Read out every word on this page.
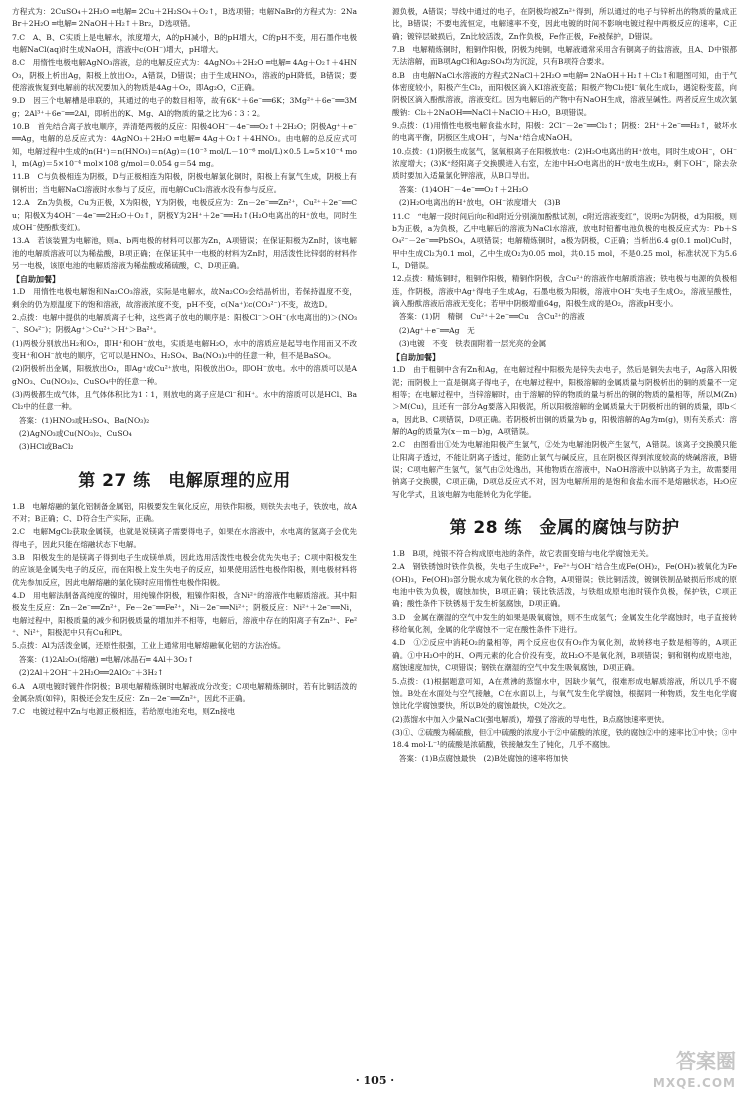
方程式为：2CuSO₄＋2H₂O ═电解═ 2Cu＋2H₂SO₄＋O₂↑，B选项错；电解NaBr的方程式为：2NaBr＋2H₂O ═电解═ 2NaOH＋H₂↑＋Br₂，D选项错。

7.C　A、B、C实质上是电解水，浓度增大，A的pH减小，B的pH增大，C的pH不变，用石墨作电极电解NaCl(aq)时生成NaOH，溶液中c(OH⁻)增大，pH增大。

8.C　用惰性电极电解AgNO₃溶液，总的电解反应式为：4AgNO₃＋2H₂O ═电解═ 4Ag＋O₂↑＋4HNO₃，阴极上析出Ag，阳极上放出O₂，A错误，D错误；由于生成HNO₃，溶液的pH降低，B错误；要使溶液恢复到电解前的状况要加入的物质是4Ag＋O₂，即Ag₂O，C正确。

9.D　因三个电解槽是串联的，其通过的电子的数目相等，故有6K⁺＋6e⁻══6K；3Mg²⁺＋6e⁻══3Mg；2Al³⁺＋6e⁻══2Al，即析出的K、Mg、Al的物质的量之比为6∶3∶2。

10.B　首先结合离子放电顺序，弄清楚两极的反应：阳极4OH⁻－4e⁻══O₂↑＋2H₂O；阴极Ag⁺＋e⁻══Ag，电解的总反应式为：4AgNO₃＋2H₂O ═电解═ 4Ag＋O₂↑＋4HNO₃。由电解的总反应式可知，电解过程中生成的n(H⁺)＝n(HNO₃)＝n(Ag)＝(10⁻³ mol/L－10⁻⁶ mol/L)×0.5 L≈5×10⁻⁴ mol，m(Ag)＝5×10⁻⁴ mol×108 g/mol＝0.054 g＝54 mg。

11.B　C与负极相连为阴极，D与正极相连为阳极，阴极电解氯化铜时，阳极上有氯气生成，阴极上有铜析出；当电解NaCl溶液时水参与了反应，而电解CuCl₂溶液水没有参与反应。

12.A　Zn为负极，Cu为正极，X为阳极，Y为阴极，电极反应为：Zn－2e⁻══Zn²⁺，Cu²⁺＋2e⁻══Cu；阳极X为4OH⁻－4e⁻══2H₂O＋O₂↑，阴极Y为2H⁺＋2e⁻══H₂↑(H₂O电离出的H⁺放电，同时生成OH⁻使酚酞变红)。

13.A　若该装置为电解池，则a、b两电极的材料可以都为Zn，A项错误；在保证阳极为Zn时，该电解池的电解质溶液可以为稀盐酸，B项正确；在保证其中一电极的材料为Zn时，用活泼性比锌弱的材料作另一电极，该原电池的电解质溶液为稀盐酸或稀硫酸，C、D项正确。

【自助加餐】

1.D　用惰性电极电解饱和Na₂CO₃溶液，实际是电解水，故Na₂CO₃会结晶析出，若保持温度不变，剩余的仍为原温度下的饱和溶液，故溶液浓度不变，pH不变，c(Na⁺)∶c(CO₃²⁻)不变，故选D。

2.点拨：电解中提供的电解质离子七种，这些离子放电的顺序是：阳极Cl⁻＞OH⁻(水电离出的)＞(NO₃⁻、SO₄²⁻)；阴极Ag⁺＞Cu²⁺＞H⁺＞Ba²⁺。

(1)两极分别放出H₂和O₂，即H⁺和OH⁻放电，实质是电解H₂O，水中的溶质应是起导电作用而又不改变H⁺和OH⁻放电的顺序，它可以是HNO₃、H₂SO₄、Ba(NO₃)₂中的任意一种，但不是BaSO₄。

(2)阴极析出金属，阳极放出O₂，即Ag⁺或Cu²⁺放电，阳极放出O₂，即OH⁻放电。水中的溶质可以是AgNO₃、Cu(NO₃)₂、CuSO₄中的任意一种。

(3)两极都生成气体，且气体体积比为1∶1，则放电的离子应是Cl⁻和H⁺。水中的溶质可以是HCl、BaCl₂中的任意一种。

答案：(1)HNO₃或H₂SO₄、Ba(NO₃)₂

(2)AgNO₃或Cu(NO₃)₂、CuSO₄

(3)HCl或BaCl₂

第 27 练　电解原理的应用

1.B　电解熔融的氯化铝制备金属铝，阳极要发生氧化反应，用铁作阳极，则铁失去电子，铁放电，故A不对；B正确；C、D符合生产实际，正确。

2.C　电解MgCl₂获取金属镁，也就是说镁离子需要得电子，如果在水溶液中，水电离的氢离子会优先得电子，因此只能在熔融状态下电解。

3.B　阳极发生的是镁离子得到电子生成镁单质，因此选用活泼性电极会优先失电子；C项中阳极发生的应该是金属失电子的反应，而在阳极上发生失电子的反应，如果使用活性电极作阳极，则电极材料将优先参加反应，因此电解熔融的氯化镁时应用惰性电极作阳极。

4.D　用电解法制备高纯度的镍时，用纯镍作阴极，粗镍作阳极，含Ni²⁺的溶液作电解质溶液。其中阳极发生反应：Zn－2e⁻══Zn²⁺，Fe－2e⁻══Fe²⁺，Ni－2e⁻══Ni²⁺；阴极反应：Ni²⁺＋2e⁻══Ni，电解过程中，阳极质量的减少和阴极质量的增加并不相等，电解后，溶液中存在的阳离子有Zn²⁺、Fe²⁺、Ni²⁺，阳极泥中只有Cu和Pt。

5.点拨：Al为活泼金属，还原性很强，工业上通常用电解熔融氧化铝的方法冶炼。

答案：(1)2Al₂O₃(熔融) ═电解/冰晶石═ 4Al＋3O₂↑

(2)2Al＋2OH⁻＋2H₂O══2AlO₂⁻＋3H₂↑

6.A　A项电镀时镀件作阴极；B项电解精炼铜时电解液成分改变；C项电解精炼铜时，若有比铜活泼的金属杂质(如锌)，阳极还会发生反应：Zn－2e⁻══Zn²⁺，因此不正确。

7.C　电镀过程中Zn与电源正极相连，若给原电池充电，则Zn接电

源负极，A错误；导线中通过的电子，在阴极均被Zn²⁺得到，所以通过的电子与锌析出的物质的量成正比，B错误；不要电流恒定，电解速率不变，因此电镀的时间不影响电镀过程中两极反应的速率，C正确；镀锌层破损后，Zn比较活泼，Zn作负极，Fe作正极，Fe被保护，D错误。

7.B　电解精炼铜时，粗铜作阳极，阴极为纯铜，电解液通常采用含有铜离子的盐溶液，且A、D中银都无法溶解，而B项AgCl和Ag₂SO₄均为沉淀，只有B项符合要求。

8.B　由电解NaCl水溶液的方程式2NaCl＋2H₂O ═电解═ 2NaOH＋H₂↑＋Cl₂↑和题图可知，由于气体密度较小，阳极产生Cl₂，而阳极区滴入KI溶液变蓝；阳极产物Cl₂使I⁻氧化生成I₂，遇淀粉变蓝，向阴极区滴入酚酞溶液，溶液变红。因为电解后的产物中有NaOH生成，溶液呈碱性。两者反应生成次氯酸钠：Cl₂＋2NaOH══NaCl＋NaClO＋H₂O，B项错误。

9.点拨：(1)用惰性电极电解食盐水时，阳极：2Cl⁻－2e⁻══Cl₂↑；阴极：2H⁺＋2e⁻══H₂↑，破坏水的电离平衡，阴极区生成OH⁻，与Na⁺结合成NaOH。

10.点拨：(1)阴极生成氢气，氢氧根离子在阳极放电：(2)H₂O电离出的H⁺放电，同时生成OH⁻，OH⁻浓度增大；(3)K⁺经阳离子交换膜进入右室，左池中H₂O电离出的H⁺放电生成H₂，剩下OH⁻，除去杂质时要加入适量氯化钾溶液，从B口导出。

答案：(1)4OH⁻－4e⁻══O₂↑＋2H₂O

(2)H₂O电离出的H⁺放电，OH⁻浓度增大　(3)B

11.C　“电解一段时间后向c和d附近分别滴加酚酞试剂，c附近溶液变红”，说明c为阴极，d为阳极，则b为正极，a为负极，乙中电解后的溶液为NaCl水溶液，放电时铅蓄电池负极的电极反应式为：Pb＋SO₄²⁻－2e⁻══PbSO₄，A项错误；电解精炼铜时，a极为阴极，C正确；当析出6.4 g(0.1 mol)Cu时，甲中生成Cl₂为0.1 mol，乙中生成O₂为0.05 mol，共0.15 mol，不是0.25 mol，标准状况下为5.6 L，D错误。

12.点拨：精炼铜时，粗铜作阳极，精铜作阴极，含Cu²⁺的溶液作电解质溶液；铁电极与电源的负极相连，作阴极，溶液中Ag⁺得电子生成Ag，石墨电极为阳极，溶液中OH⁻失电子生成O₂，溶液呈酸性，滴入酚酞溶液后溶液无变化；若甲中阴极增重64g，阳极生成的是O₂，溶液pH变小。

答案：(1)阴　精铜　Cu²⁺＋2e⁻══Cu　含Cu²⁺的溶液

(2)Ag⁺＋e⁻══Ag　无

(3)电镀　不变　铁表面附着一层光亮的金属

【自助加餐】

1.D　由于粗铜中含有Zn和Ag，在电解过程中阳极先是锌失去电子，然后是铜失去电子，Ag落入阳极泥；而阴极上一直是铜离子得电子，在电解过程中，阳极溶解的金属质量与阴极析出的铜的质量不一定相等；在电解过程中，当锌溶解时，由于溶解的锌的物质的量与析出的铜的物质的量相等，所以M(Zn)＞M(Cu)，且还有一部分Ag要落入阳极泥，所以阳极溶解的金属质量大于阴极析出的铜的质量，即b＜a，因此B、C项错误，D项正确。若阴极析出铜的质量为b g，阳极溶解的Ag为m(g)，则有关系式：溶解的Ag的质量为(x－m－b)g，A项错误。

2.C　由图看出①处为电解池阳极产生氯气，②处为电解池阴极产生氢气，A错误。该离子交换膜只能让阳离子透过，不能让阴离子透过，能防止氯气与碱反应，且在阴极区得到浓度较高的烧碱溶液，B错误；C项电解产生氢气，氢气由②处逸出，其他物质在溶液中，NaOH溶液中以钠离子为主，故需要用钠离子交换膜，C项正确，D项总反应式不对，因为电解所用的是饱和食盐水而不是熔融状态，H₂O应写化学式，且该电解为电能转化为化学能。

第 28 练　金属的腐蚀与防护

1.B　B项，纯银不符合构成原电池的条件，故它表面变暗与电化学腐蚀无关。

2.A　钢铁锈蚀时铁作负极，失电子生成Fe²⁺，Fe²⁺与OH⁻结合生成Fe(OH)₂，Fe(OH)₂被氧化为Fe(OH)₃，Fe(OH)₃部分脱水成为氧化铁的水合物，A项错误；铁比铜活泼，镀铜铁制品破损后形成的原电池中铁为负极，腐蚀加快，B项正确；镁比铁活泼，与铁组成原电池时镁作负极，保护铁，C项正确；酸性条件下铁锈易于发生析氢腐蚀，D项正确。

3.D　金属在潮湿的空气中发生的如果是吸氧腐蚀，则不生成氢气；金属发生化学腐蚀时，电子直接转移给氧化剂，金属的化学腐蚀不一定在酸性条件下进行。

4.D　①②反应中消耗O₂的量相等，两个反应也仅有O₂作为氧化剂，故转移电子数是相等的，A项正确。①中H₂O中的H、O两元素的化合价没有变，故H₂O不是氧化剂，B项错误；铜和钢构成原电池，腐蚀速度加快，C项错误；钢铁在潮湿的空气中发生吸氧腐蚀，D项正确。

5.点拨：(1)根据题意可知，A在煮沸的蒸馏水中，因缺少氧气，很难形成电解质溶液，所以几乎不腐蚀。B处在水面处与空气接触，C在水面以上，与氧气发生化学腐蚀，根据同一种物质，发生电化学腐蚀比化学腐蚀要快，所以B处的腐蚀最快，C处次之。

(2)蒸馏水中加入少量NaCl(强电解质)，增强了溶液的导电性，B点腐蚀速率更快。

(3)①、②硫酸为稀硫酸，但①中硫酸的浓度小于②中硫酸的浓度，铁的腐蚀②中的速率比①中快；③中18.4 mol·L⁻¹的硫酸是浓硫酸，铁接触发生了钝化，几乎不腐蚀。

答案：(1)B点腐蚀最快　(2)B处腐蚀的速率将加快

· 105 ·
答案圈
MXQE.COM
